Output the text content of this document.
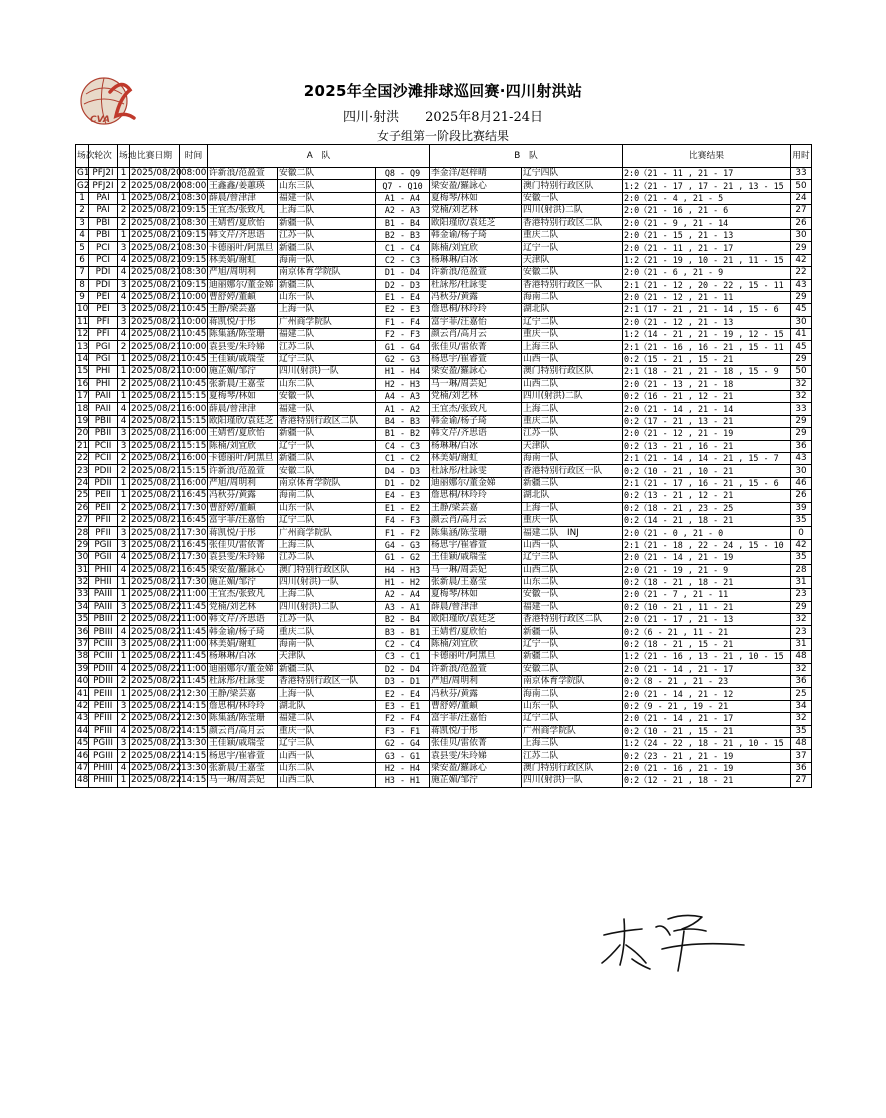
CVA
2025年全国沙滩排球巡回赛·四川射洪站
四川·射洪　　2025年8月21-24日
女子组第一阶段比赛结果
场次	轮次	场地	比赛日期	时间	A　队			B　队		比赛结果	用时
G1	PFJ2I	1	2025/08/20	08:00	许新浪/范盈萱	安徽二队	Q8 - Q9	李金洋/赵梓晴	辽宁四队	2:0（21 - 11 , 21 - 17	33
G2	PFJ2I	2	2025/08/20	08:00	王鑫鑫/姜蕙瑛	山东三队	Q7 - Q10	梁安盈/羅詠心	澳门特别行政区队	1:2（21 - 17 , 17 - 21 , 13 - 15	50
1	PAI	1	2025/08/21	08:30	薛晨/曾津津	福建一队	A1 - A4	夏梅琴/林如	安徽一队	2:0（21 - 4 , 21 - 5	24
2	PAI	2	2025/08/21	09:15	王宜杰/张致凡	上海二队	A2 - A3	党楠/刘艺林	四川(射洪)二队	2:0（21 - 16 , 21 - 6	27
3	PBI	2	2025/08/21	08:30	王婧哲/夏欣怡	新疆一队	B1 - B4	欧阳瑾欣/袁廷芝	香港特别行政区二队	2:0（21 - 9 , 21 - 14	26
4	PBI	1	2025/08/21	09:15	韩文芹/齐思语	江苏一队	B2 - B3	韩金谕/杨子琦	重庆二队	2:0（21 - 15 , 21 - 13	30
5	PCI	3	2025/08/21	08:30	卡德丽叶/阿黑旦	新疆二队	C1 - C4	陈楠/刘宜欣	辽宁一队	2:0（21 - 11 , 21 - 17	29
6	PCI	4	2025/08/21	09:15	林美娟/谢虹	海南一队	C2 - C3	杨琳琳/白冰	天津队	1:2（21 - 19 , 10 - 21 , 11 - 15	42
7	PDI	4	2025/08/21	08:30	严旭/周明利	南京体育学院队	D1 - D4	许新浪/范盈萱	安徽二队	2:0（21 - 6 , 21 - 9	22
8	PDI	3	2025/08/21	09:15	迪丽娜尔/董金娣	新疆三队	D2 - D3	杜詠彤/杜詠雯	香港特别行政区一队	2:1（21 - 12 , 20 - 22 , 15 - 11	43
9	PEI	4	2025/08/21	10:00	曹舒婷/董頔	山东一队	E1 - E4	冯秋芬/黄露	海南二队	2:0（21 - 12 , 21 - 11	29
10	PEI	3	2025/08/21	10:45	王静/梁芸嘉	上海一队	E2 - E3	詹思桐/林玲玲	湖北队	2:1（17 - 21 , 21 - 14 , 15 - 6	45
11	PFI	3	2025/08/21	10:00	蒋凯悦/于彤	广州商学院队	F1 - F4	富宇菲/汪嘉怡	辽宁二队	2:0（21 - 12 , 21 - 13	30
12	PFI	4	2025/08/21	10:45	陈集涵/陈莹珊	福建二队	F2 - F3	颜云肖/高月云	重庆一队	1:2（14 - 21 , 21 - 19 , 12 - 15	41
13	PGI	2	2025/08/21	10:00	袁县雯/朱玲娣	江苏二队	G1 - G4	张佳贝/雷依菁	上海三队	2:1（21 - 16 , 16 - 21 , 15 - 11	45
14	PGI	1	2025/08/21	10:45	王佳颖/戚瑞莹	辽宁三队	G2 - G3	杨思宇/崔睿萱	山西一队	0:2（15 - 21 , 15 - 21	29
15	PHI	1	2025/08/21	10:00	施芷媚/邹泞	四川(射洪)一队	H1 - H4	梁安盈/羅詠心	澳门特别行政区队	2:1（18 - 21 , 21 - 18 , 15 - 9	50
16	PHI	2	2025/08/21	10:45	张新晨/王嘉莹	山东二队	H2 - H3	马一琳/周芸妃	山西二队	2:0（21 - 13 , 21 - 18	32
17	PAII	1	2025/08/21	15:15	夏梅琴/林如	安徽一队	A4 - A3	党楠/刘艺林	四川(射洪)二队	0:2（16 - 21 , 12 - 21	32
18	PAII	4	2025/08/21	16:00	薛晨/曾津津	福建一队	A1 - A2	王宜杰/张致凡	上海二队	2:0（21 - 14 , 21 - 14	33
19	PBII	4	2025/08/21	15:15	欧阳瑾欣/袁廷芝	香港特别行政区二队	B4 - B3	韩金谕/杨子琦	重庆二队	0:2（17 - 21 , 13 - 21	29
20	PBII	3	2025/08/21	16:00	王婧哲/夏欣怡	新疆一队	B1 - B2	韩文芹/齐思语	江苏一队	2:0（21 - 12 , 21 - 19	29
21	PCII	3	2025/08/21	15:15	陈楠/刘宜欣	辽宁一队	C4 - C3	杨琳琳/白冰	天津队	0:2（13 - 21 , 16 - 21	36
22	PCII	2	2025/08/21	16:00	卡德丽叶/阿黑旦	新疆二队	C1 - C2	林美娟/谢虹	海南一队	2:1（21 - 14 , 14 - 21 , 15 - 7	43
23	PDII	2	2025/08/21	15:15	许新浪/范盈萱	安徽二队	D4 - D3	杜詠彤/杜詠雯	香港特别行政区一队	0:2（10 - 21 , 10 - 21	30
24	PDII	1	2025/08/21	16:00	严旭/周明利	南京体育学院队	D1 - D2	迪丽娜尔/董金娣	新疆三队	2:1（21 - 17 , 16 - 21 , 15 - 6	46
25	PEII	1	2025/08/21	16:45	冯秋芬/黄露	海南二队	E4 - E3	詹思桐/林玲玲	湖北队	0:2（13 - 21 , 12 - 21	26
26	PEII	2	2025/08/21	17:30	曹舒婷/董頔	山东一队	E1 - E2	王静/梁芸嘉	上海一队	0:2（18 - 21 , 23 - 25	39
27	PFII	2	2025/08/21	16:45	富宇菲/汪嘉怡	辽宁二队	F4 - F3	颜云肖/高月云	重庆一队	0:2（14 - 21 , 18 - 21	35
28	PFII	3	2025/08/21	17:30	蒋凯悦/于彤	广州商学院队	F1 - F2	陈集涵/陈莹珊	福建二队　INJ	2:0（21 - 0 , 21 - 0	0
29	PGII	3	2025/08/21	16:45	张佳贝/雷依菁	上海三队	G4 - G3	杨思宇/崔睿萱	山西一队	2:1（21 - 18 , 22 - 24 , 15 - 10	42
30	PGII	4	2025/08/21	17:30	袁县雯/朱玲娣	江苏二队	G1 - G2	王佳颖/戚瑞莹	辽宁三队	2:0（21 - 14 , 21 - 19	35
31	PHII	4	2025/08/21	16:45	梁安盈/羅詠心	澳门特别行政区队	H4 - H3	马一琳/周芸妃	山西二队	2:0（21 - 19 , 21 - 9	28
32	PHII	1	2025/08/21	17:30	施芷媚/邹泞	四川(射洪)一队	H1 - H2	张新晨/王嘉莹	山东二队	0:2（18 - 21 , 18 - 21	31
33	PAIII	1	2025/08/22	11:00	王宜杰/张致凡	上海二队	A2 - A4	夏梅琴/林如	安徽一队	2:0（21 - 7 , 21 - 11	23
34	PAIII	3	2025/08/22	11:45	党楠/刘艺林	四川(射洪)二队	A3 - A1	薛晨/曾津津	福建一队	0:2（10 - 21 , 11 - 21	29
35	PBIII	2	2025/08/22	11:00	韩文芹/齐思语	江苏一队	B2 - B4	欧阳瑾欣/袁廷芝	香港特别行政区二队	2:0（21 - 17 , 21 - 13	32
36	PBIII	4	2025/08/22	11:45	韩金谕/杨子琦	重庆二队	B3 - B1	王婧哲/夏欣怡	新疆一队	0:2（6 - 21 , 11 - 21	23
37	PCIII	3	2025/08/22	11:00	林美娟/谢虹	海南一队	C2 - C4	陈楠/刘宜欣	辽宁一队	0:2（18 - 21 , 15 - 21	31
38	PCIII	1	2025/08/22	11:45	杨琳琳/白冰	天津队	C3 - C1	卡德丽叶/阿黑旦	新疆二队	1:2（21 - 16 , 13 - 21 , 10 - 15	48
39	PDIII	4	2025/08/22	11:00	迪丽娜尔/董金娣	新疆三队	D2 - D4	许新浪/范盈萱	安徽二队	2:0（21 - 14 , 21 - 17	32
40	PDIII	2	2025/08/22	11:45	杜詠彤/杜詠雯	香港特别行政区一队	D3 - D1	严旭/周明利	南京体育学院队	0:2（8 - 21 , 21 - 23	36
41	PEIII	1	2025/08/22	12:30	王静/梁芸嘉	上海一队	E2 - E4	冯秋芬/黄露	海南二队	2:0（21 - 14 , 21 - 12	25
42	PEIII	3	2025/08/22	14:15	詹思桐/林玲玲	湖北队	E3 - E1	曹舒婷/董頔	山东一队	0:2（9 - 21 , 19 - 21	34
43	PFIII	2	2025/08/22	12:30	陈集涵/陈莹珊	福建二队	F2 - F4	富宇菲/汪嘉怡	辽宁二队	2:0（21 - 14 , 21 - 17	32
44	PFIII	4	2025/08/22	14:15	颜云肖/高月云	重庆一队	F3 - F1	蒋凯悦/于彤	广州商学院队	0:2（10 - 21 , 15 - 21	35
45	PGIII	3	2025/08/22	13:30	王佳颖/戚瑞莹	辽宁三队	G2 - G4	张佳贝/雷依菁	上海三队	1:2（24 - 22 , 18 - 21 , 10 - 15	48
46	PGIII	2	2025/08/22	14:15	杨思宇/崔睿萱	山西一队	G3 - G1	袁县雯/朱玲娣	江苏二队	0:2（23 - 21 , 21 - 19	37
47	PHIII	4	2025/08/22	13:30	张新晨/王嘉莹	山东二队	H2 - H4	梁安盈/羅詠心	澳门特别行政区队	2:0（21 - 16 , 21 - 19	36
48	PHIII	1	2025/08/22	14:15	马一琳/周芸妃	山西二队	H3 - H1	施芷媚/邹泞	四川(射洪)一队	0:2（12 - 21 , 18 - 21	27
